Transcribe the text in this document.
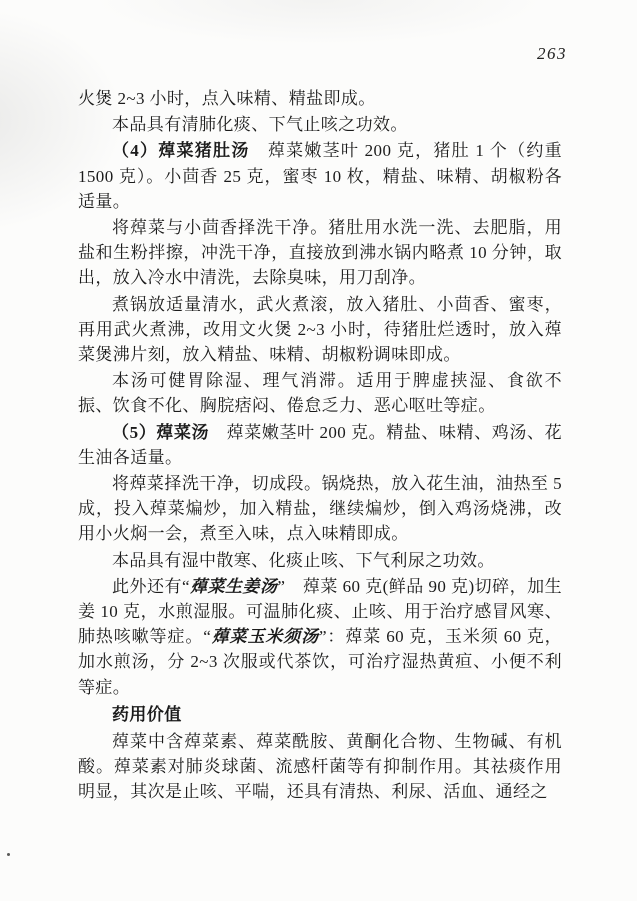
263

火煲 2~3 小时，点入味精、精盐即成。

本品具有清肺化痰、下气止咳之功效。

（4）蔊菜猪肚汤　蔊菜嫩茎叶 200 克，猪肚 1 个（约重 1500 克）。小茴香 25 克，蜜枣 10 枚，精盐、味精、胡椒粉各适量。

将蔊菜与小茴香择洗干净。猪肚用水洗一洗、去肥脂，用盐和生粉拌擦，冲洗干净，直接放到沸水锅内略煮 10 分钟，取出，放入冷水中清洗，去除臭味，用刀刮净。

煮锅放适量清水，武火煮滚，放入猪肚、小茴香、蜜枣，再用武火煮沸，改用文火煲 2~3 小时，待猪肚烂透时，放入蔊菜煲沸片刻，放入精盐、味精、胡椒粉调味即成。

本汤可健胃除湿、理气消滞。适用于脾虚挟湿、食欲不振、饮食不化、胸脘痞闷、倦怠乏力、恶心呕吐等症。

（5）蔊菜汤　蔊菜嫩茎叶 200 克。精盐、味精、鸡汤、花生油各适量。

将蔊菜择洗干净，切成段。锅烧热，放入花生油，油热至 5 成，投入蔊菜煸炒，加入精盐，继续煸炒，倒入鸡汤烧沸，改用小火焖一会，煮至入味，点入味精即成。

本品具有湿中散寒、化痰止咳、下气利尿之功效。

此外还有“蔊菜生姜汤”　蔊菜 60 克(鲜品 90 克)切碎，加生姜 10 克，水煎湿服。可温肺化痰、止咳、用于治疗感冒风寒、肺热咳嗽等症。“蔊菜玉米须汤”：蔊菜 60 克，玉米须 60 克，加水煎汤，分 2~3 次服或代茶饮，可治疗湿热黄疸、小便不利等症。

药用价值

蔊菜中含蔊菜素、蔊菜酰胺、黄酮化合物、生物碱、有机酸。蔊菜素对肺炎球菌、流感杆菌等有抑制作用。其祛痰作用明显，其次是止咳、平喘，还具有清热、利尿、活血、通经之
